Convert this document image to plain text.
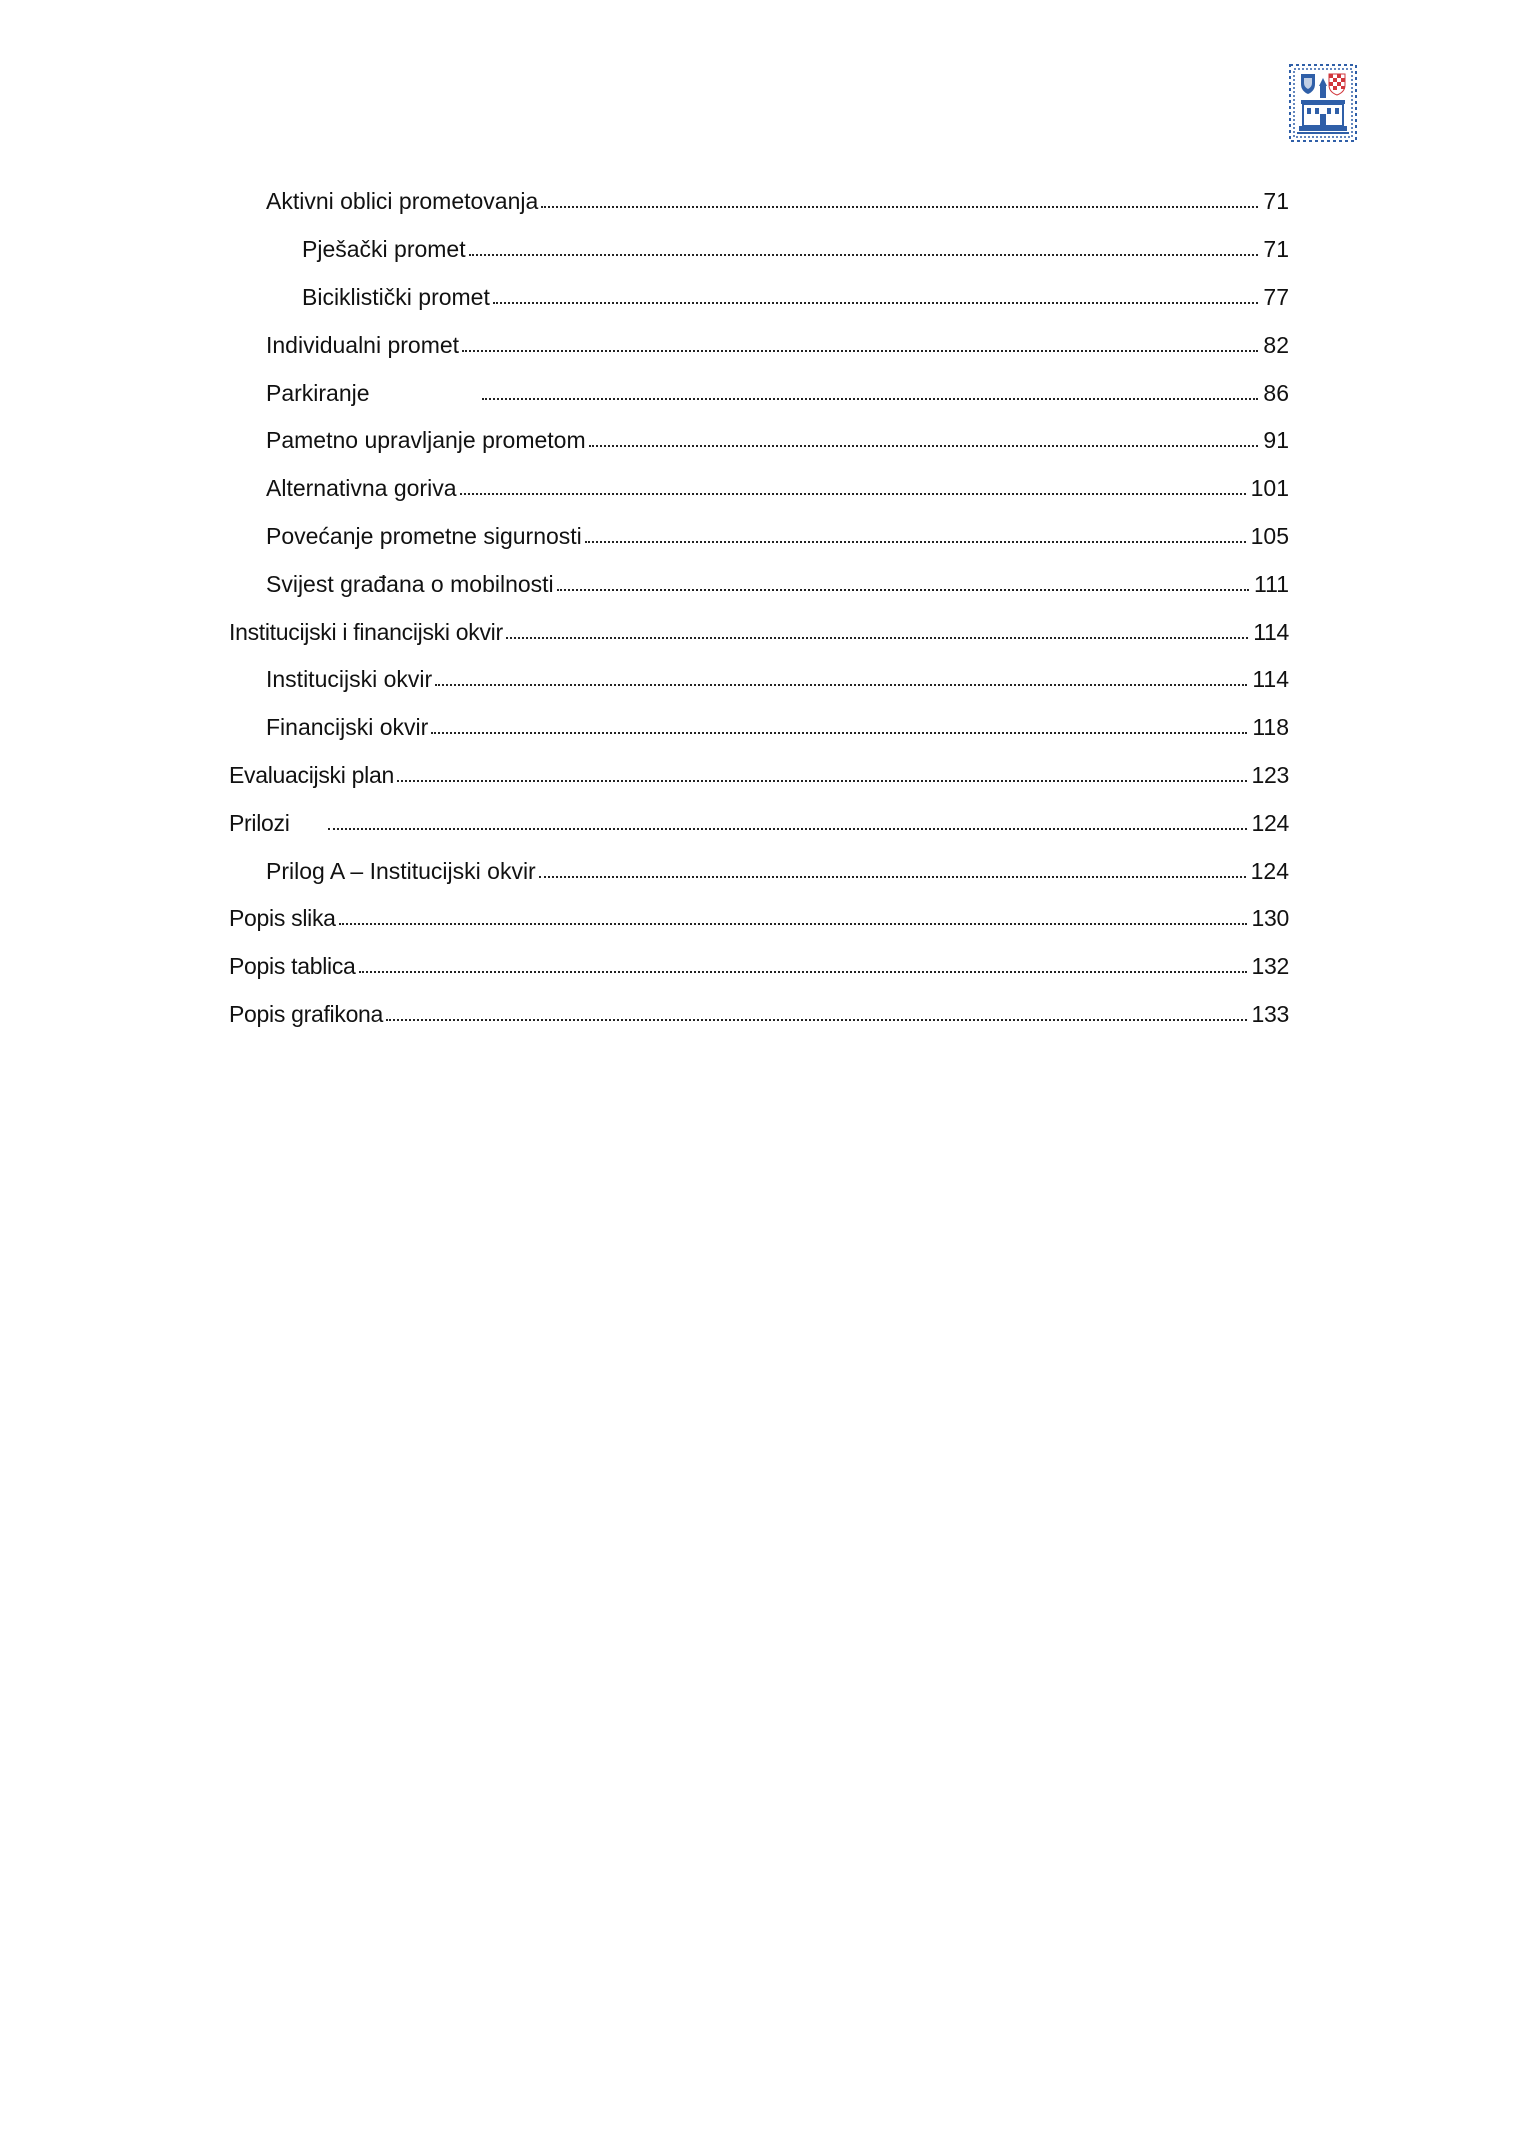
Aktivni oblici prometovanja	71
Pješački promet	71
Biciklistički promet	77
Individualni promet	82
Parkiranje	86
Pametno upravljanje prometom	91
Alternativna goriva	101
Povećanje prometne sigurnosti	105
Svijest građana o mobilnosti	111
Institucijski i financijski okvir	114
Institucijski okvir	114
Financijski okvir	118
Evaluacijski plan	123
Prilozi	124
Prilog A – Institucijski okvir	124
Popis slika	130
Popis tablica	132
Popis grafikona	133
